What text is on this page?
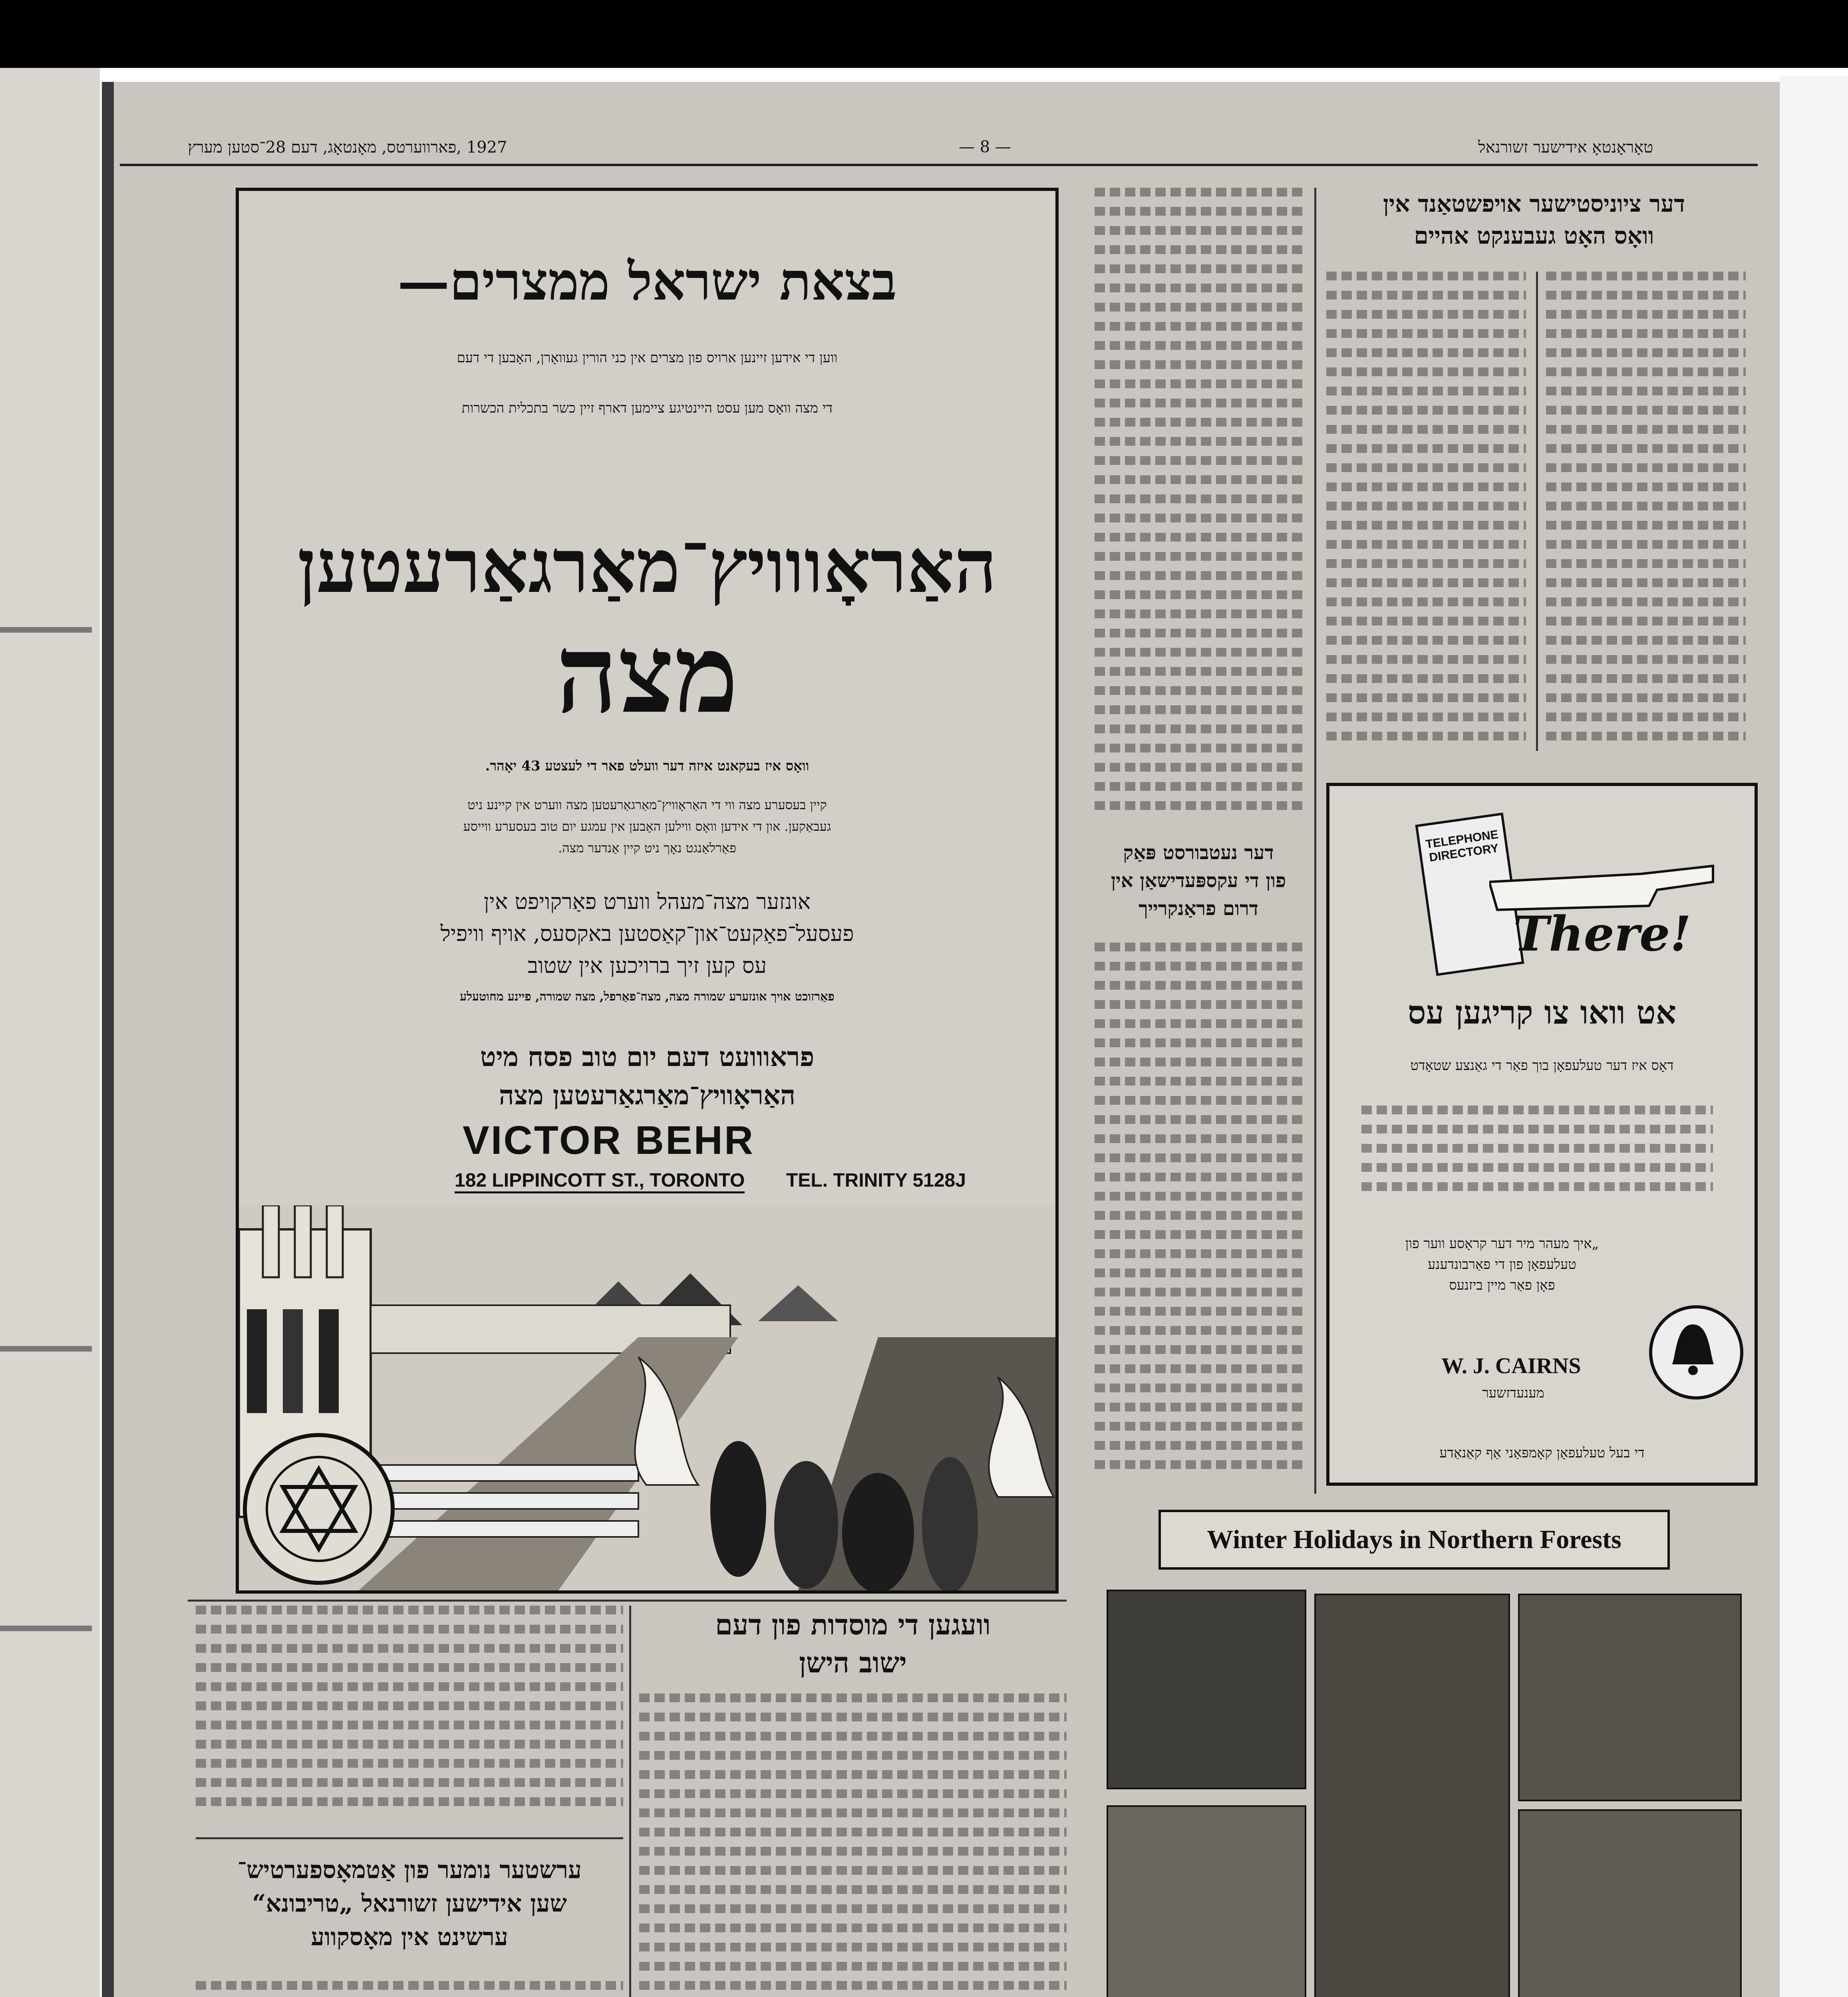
1927 ,פארווערטס, מאָנטאָג, דעם 28־סטען מערץ	— 8 —	טאָראָנטאָ אידישער זשורנאל
בצאת ישראל ממצרים—
ווען די אידען זיינען ארויס פון מצרים אין כני הורין געוואָרן, האָבען די דעם
די מצה וואָס מען עסט היינטיגע ציימען דארף זיין כשר בתכלית הכשרות
האַראָווויץ־מאַרגאַרעטען
מצה
וואָס איז בעקאנט איזה דער וועלט פאר די לעצטע 43 יאָהר.
קיין בעסערע מצה ווי די האַראָוויץ־מאַרגאַרעטען מצה ווערט אין קיינע ניט
געבאַקען. און די אידען וואָס ווילען האָבען אין עמגע יום טוב בעסערע ווייסע
פאַרלאַנגט נאָך ניט קיין אַנדער מצה.
אונזער מצה־מעהל ווערט פאַרקויפט אין
פעסעל־פאַקעט־און־קאַסטען באקסעס, אויף וויפיל
עס קען זיך ברויכען אין שטוב
פאַרזוכט אויך אונזערע שמורה מצה, מצה־פאַרפל, מצה שמורה, פיינע מחוטעלע
פראווועט דעם יום טוב פסח מיט
האַראָוויץ־מאַרגאַרעטען מצה
VICTOR BEHR
182 LIPPINCOTT ST., TORONTO TEL. TRINITY 5128J
דער ציוניסטישער אויפשטאַנד אין
וואָס האָט געבענקט אהיים
דער נעטבורסט פּאַק
פון די עקספּעדישאַן אין
דרום פראַנקרייך
TELEPHONE DIRECTORY
There!
אט וואו צו קריגען עס
דאָס איז דער טעלעפאָן בוך פאַר די גאַנצע שטאָדט
„איך מעהר מיר דער קראָסע ווער פון
טעלעפאָן פון די פאַרבונדענע
פאָן פאַר מיין ביזנעס
W. J. CAIRNS
מענעדזשער
די בעל טעלעפאָן קאָמפּאַני אַף קאַנאַדע
וועגען די מוסדות פון דעם
ישוב הישן
ערשטער נומער פון אַטמאָספערטיש־
שען אידישען זשורנאל „טריבונא“
ערשינט אין מאָסקווע
Winter Holidays in Northern Forests
